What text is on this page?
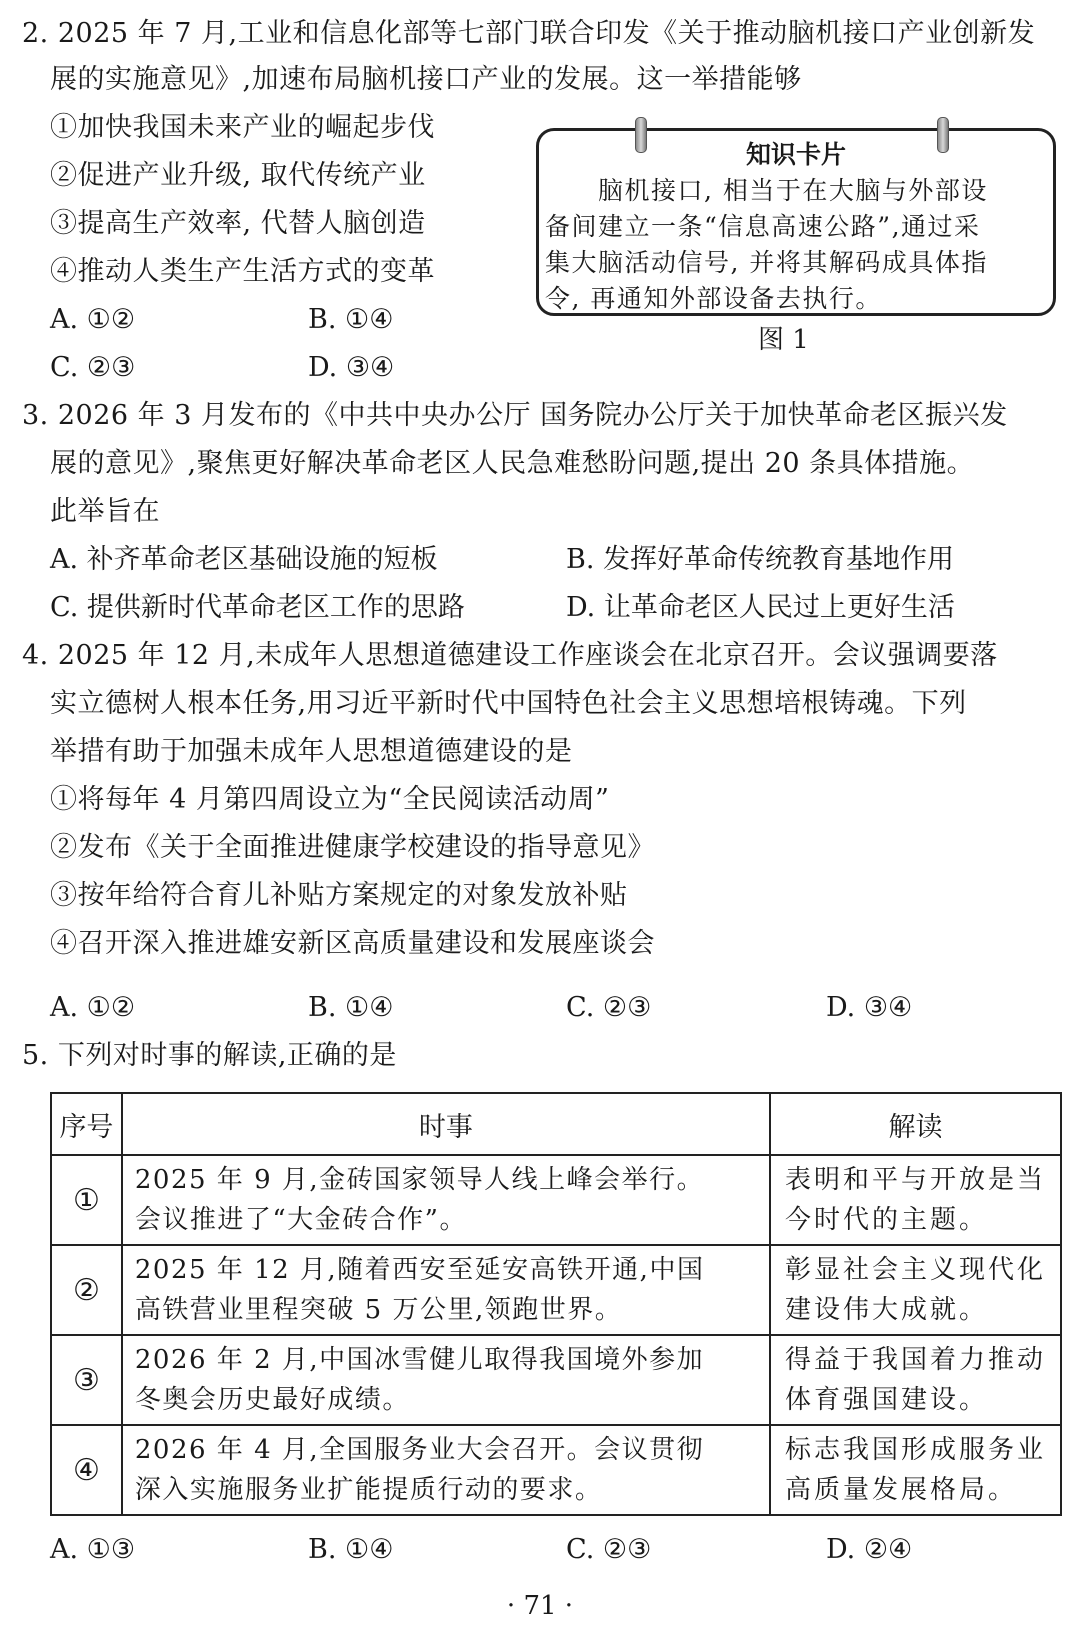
2. 2025 年 7 月,工业和信息化部等七部门联合印发《关于推动脑机接口产业创新发
展的实施意见》,加速布局脑机接口产业的发展。这一举措能够
①加快我国未来产业的崛起步伐
②促进产业升级, 取代传统产业
③提高生产效率, 代替人脑创造
④推动人类生产生活方式的变革
A. ①②	B. ①④
C. ②③	D. ③④
知识卡片
　　脑机接口, 相当于在大脑与外部设
备间建立一条“信息高速公路”,通过采
集大脑活动信号, 并将其解码成具体指
令, 再通知外部设备去执行。
图 1
3. 2026 年 3 月发布的《中共中央办公厅 国务院办公厅关于加快革命老区振兴发
展的意见》,聚焦更好解决革命老区人民急难愁盼问题,提出 20 条具体措施。
此举旨在
A. 补齐革命老区基础设施的短板	B. 发挥好革命传统教育基地作用
C. 提供新时代革命老区工作的思路	D. 让革命老区人民过上更好生活
4. 2025 年 12 月,未成年人思想道德建设工作座谈会在北京召开。会议强调要落
实立德树人根本任务,用习近平新时代中国特色社会主义思想培根铸魂。下列
举措有助于加强未成年人思想道德建设的是
①将每年 4 月第四周设立为“全民阅读活动周”
②发布《关于全面推进健康学校建设的指导意见》
③按年给符合育儿补贴方案规定的对象发放补贴
④召开深入推进雄安新区高质量建设和发展座谈会
A. ①②	B. ①④	C. ②③	D. ③④
5. 下列对时事的解读,正确的是
序号	时事	解读
①	2025 年 9 月,金砖国家领导人线上峰会举行。
会议推进了“大金砖合作”。	表明和平与开放是当
今时代的主题。

②	2025 年 12 月,随着西安至延安高铁开通,中国
高铁营业里程突破 5 万公里,领跑世界。	彰显社会主义现代化
建设伟大成就。

③	2026 年 2 月,中国冰雪健儿取得我国境外参加
冬奥会历史最好成绩。	得益于我国着力推动
体育强国建设。

④	2026 年 4 月,全国服务业大会召开。会议贯彻
深入实施服务业扩能提质行动的要求。	标志我国形成服务业
高质量发展格局。
A. ①③	B. ①④	C. ②③	D. ②④
· 71 ·
